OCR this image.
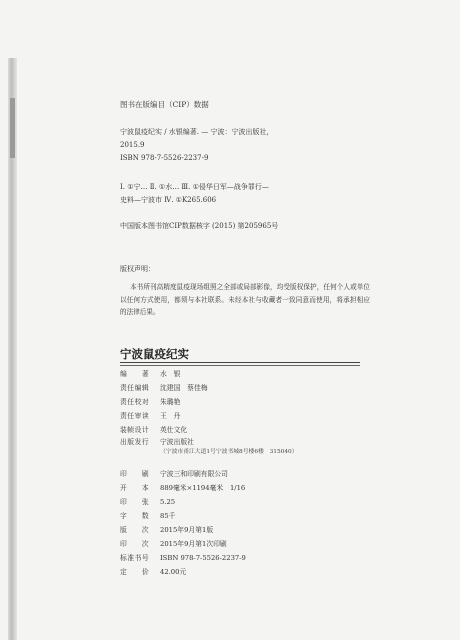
图书在版编目（CIP）数据
宁波鼠疫纪实 / 水银编著. — 宁波：宁波出版社，
2015.9
ISBN 978-7-5526-2237-9
Ⅰ. ①宁… Ⅱ. ①水… Ⅲ. ①侵华日军—战争罪行—
史料—宁波市 Ⅳ. ①K265.606
中国版本图书馆CIP数据核字 (2015) 第205965号
版权声明：
本书所刊高精度鼠疫现场组照之全部或局部影像，均受版权保护，任何个人或单位以任何方式使用，都须与本社联系。未经本社与收藏者一致同意而使用，将承担相应的法律后果。
宁波鼠疫纪实
编　　著 水　银
责任编辑 沈建国　蔡佳梅
责任校对 朱璐艳
责任审读 王　丹
装帧设计 英仕文化
出版发行 宁波出版社
（宁波市甬江大道1号宁波书城8号楼6楼　315040）
印　　刷 宁波三和印刷有限公司
开　　本 889毫米×1194毫米　1/16
印　　张 5.25
字　　数 85千
版　　次 2015年9月第1版
印　　次 2015年9月第1次印刷
标准书号 ISBN 978-7-5526-2237-9
定　　价 42.00元
